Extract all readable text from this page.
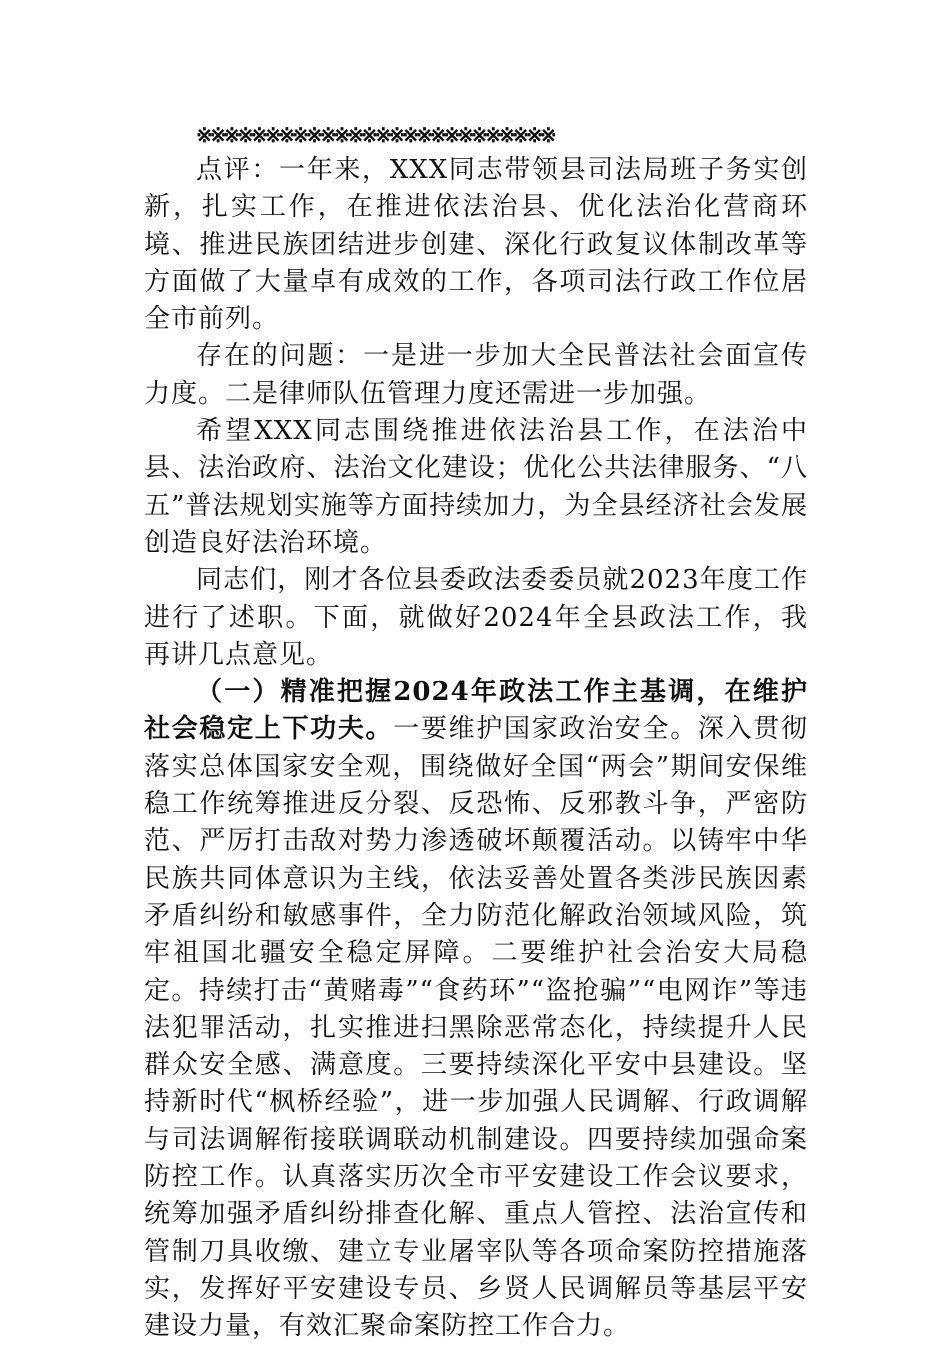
※※※※※※※※※※※※※※※※※※※※※※※※※※

点评：一年来，XXX同志带领县司法局班子务实创新，扎实工作，在推进依法治县、优化法治化营商环境、推进民族团结进步创建、深化行政复议体制改革等方面做了大量卓有成效的工作，各项司法行政工作位居全市前列。

存在的问题：一是进一步加大全民普法社会面宣传力度。二是律师队伍管理力度还需进一步加强。

希望XXX同志围绕推进依法治县工作，在法治中县、法治政府、法治文化建设；优化公共法律服务、“八五”普法规划实施等方面持续加力，为全县经济社会发展创造良好法治环境。

同志们，刚才各位县委政法委委员就2023年度工作进行了述职。下面，就做好2024年全县政法工作，我再讲几点意见。

（一）精准把握2024年政法工作主基调，在维护社会稳定上下功夫。一要维护国家政治安全。深入贯彻落实总体国家安全观，围绕做好全国“两会”期间安保维稳工作统筹推进反分裂、反恐怖、反邪教斗争，严密防范、严厉打击敌对势力渗透破坏颠覆活动。以铸牢中华民族共同体意识为主线，依法妥善处置各类涉民族因素矛盾纠纷和敏感事件，全力防范化解政治领域风险，筑牢祖国北疆安全稳定屏障。二要维护社会治安大局稳定。持续打击“黄赌毒”“食药环”“盗抢骗”“电网诈”等违法犯罪活动，扎实推进扫黑除恶常态化，持续提升人民群众安全感、满意度。三要持续深化平安中县建设。坚持新时代“枫桥经验”，进一步加强人民调解、行政调解与司法调解衔接联调联动机制建设。四要持续加强命案防控工作。认真落实历次全市平安建设工作会议要求，统筹加强矛盾纠纷排查化解、重点人管控、法治宣传和管制刀具收缴、建立专业屠宰队等各项命案防控措施落实，发挥好平安建设专员、乡贤人民调解员等基层平安建设力量，有效汇聚命案防控工作合力。
